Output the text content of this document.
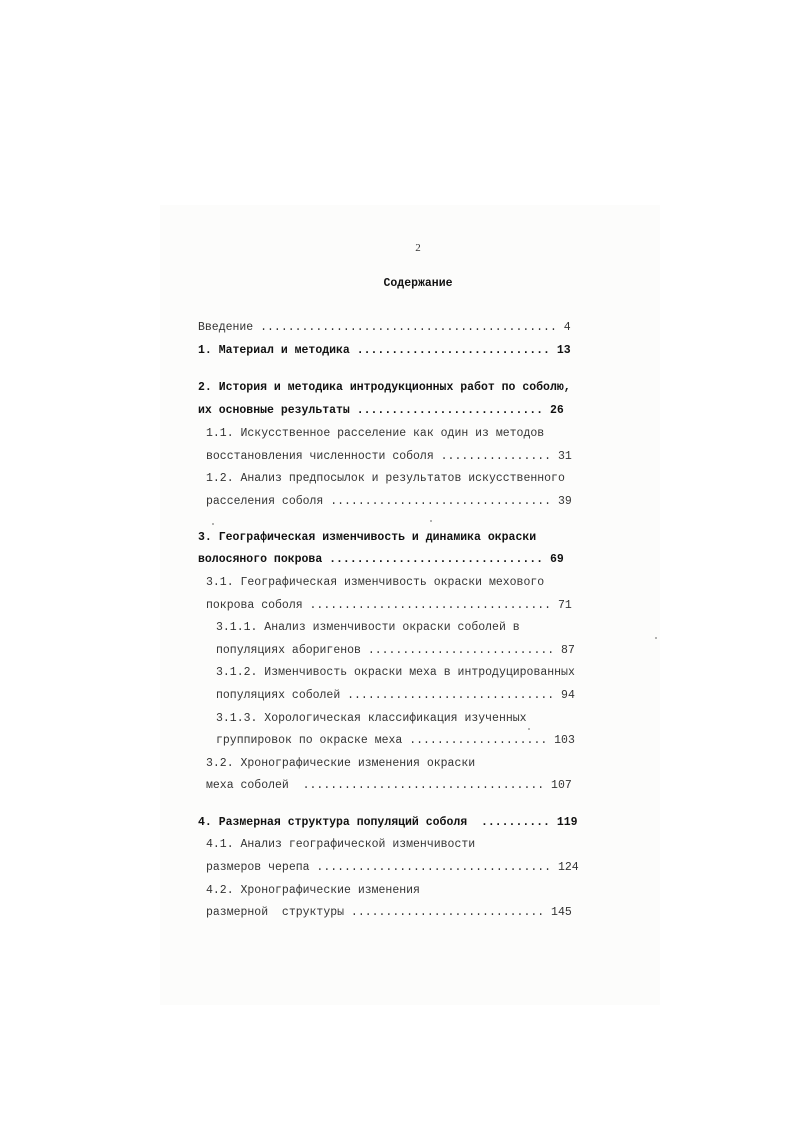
2
Содержание
Введение ........................................... 4
1. Материал и методика ............................ 13
2. История и методика интродукционных работ по соболю,
их основные результаты ........................... 26
1.1. Искусственное расселение как один из методов
восстановления численности соболя ................ 31
1.2. Анализ предпосылок и результатов искусственного
расселения соболя ................................ 39
3. Географическая изменчивость и динамика окраски
волосяного покрова ............................... 69
3.1. Географическая изменчивость окраски мехового
покрова соболя ................................... 71
3.1.1. Анализ изменчивости окраски соболей в
популяциях аборигенов ........................... 87
3.1.2. Изменчивость окраски меха в интродуцированных
популяциях соболей .............................. 94
3.1.3. Хорологическая классификация изученных
группировок по окраске меха .................... 103
3.2. Хронографические изменения окраски
меха соболей  ................................... 107
4. Размерная структура популяций соболя  .......... 119
4.1. Анализ географической изменчивости
размеров черепа .................................. 124
4.2. Хронографические изменения
размерной  структуры ............................ 145
